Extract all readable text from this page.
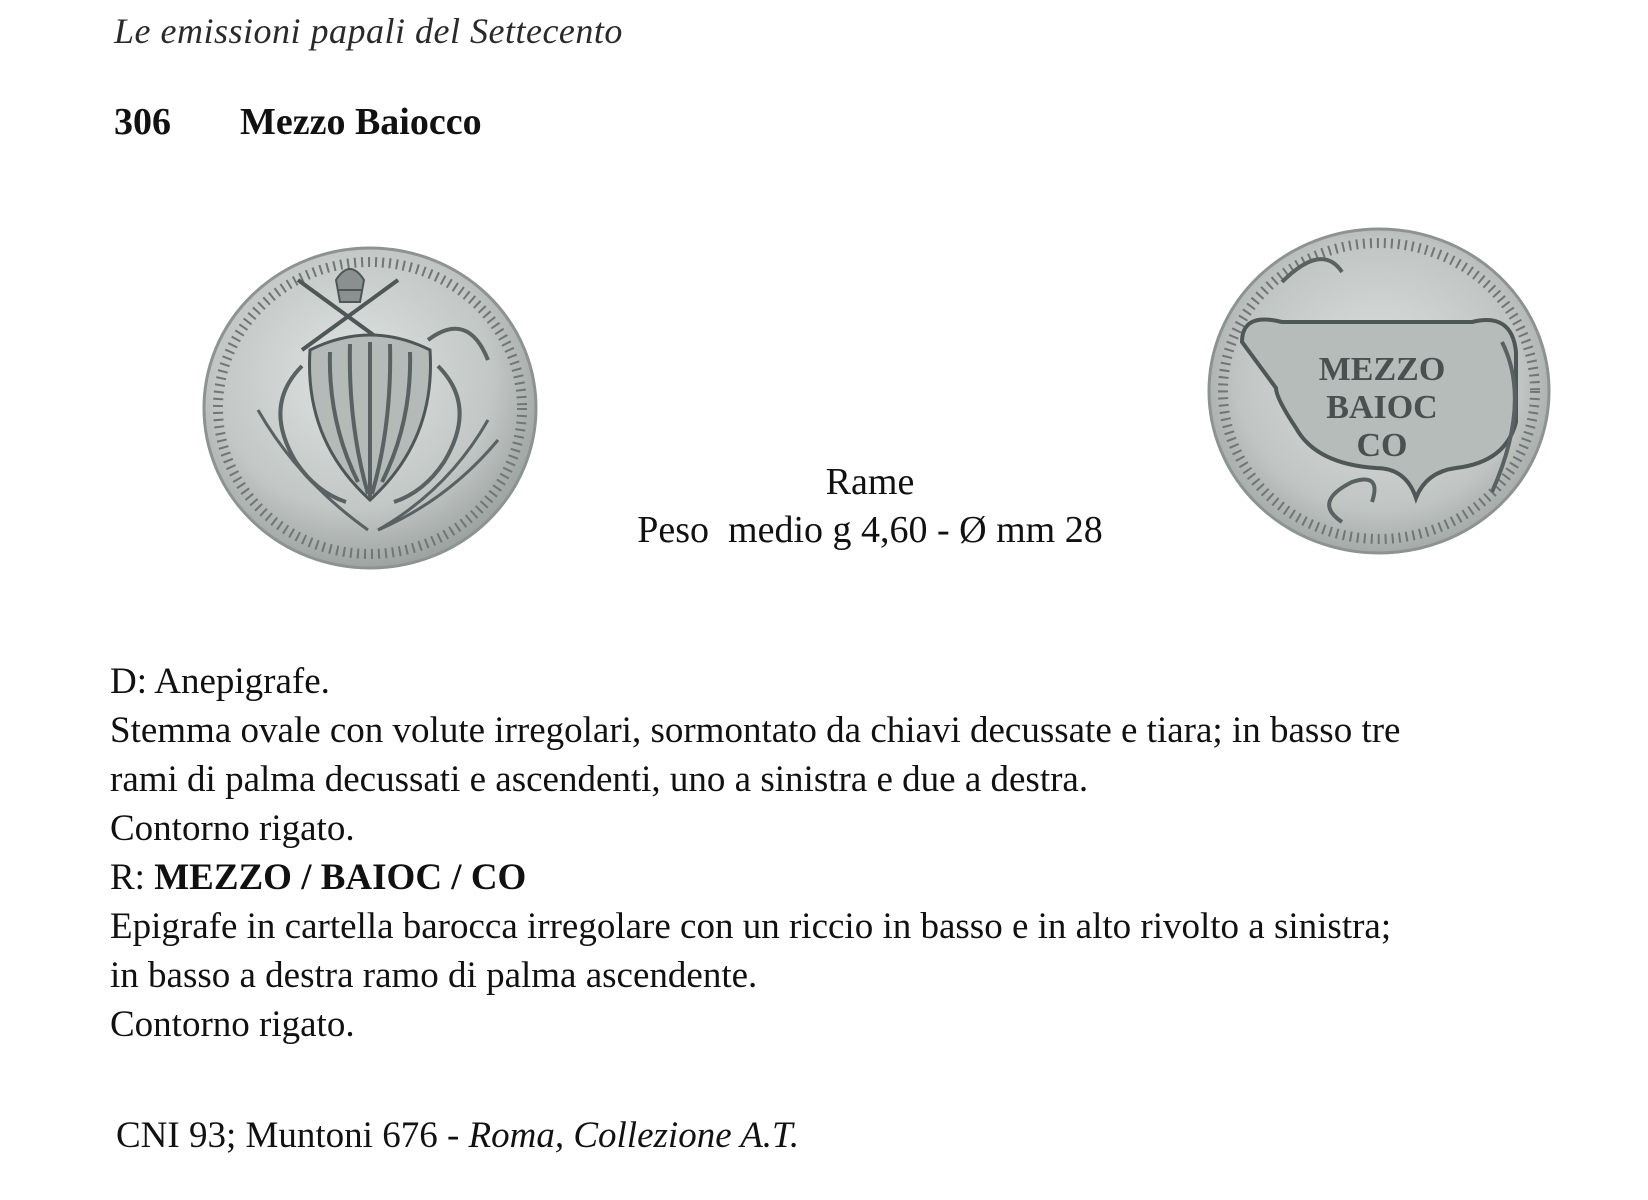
Le emissioni papali del Settecento
306 Mezzo Baiocco
MEZZO
BAIOC
CO
Rame
Peso  medio g 4,60 - Ø mm 28

D: Anepigrafe.

Stemma ovale con volute irregolari, sormontato da chiavi decussate e tiara; in basso tre

rami di palma decussati e ascendenti, uno a sinistra e due a destra.

Contorno rigato.

R: MEZZO / BAIOC / CO

Epigrafe in cartella barocca irregolare con un riccio in basso e in alto rivolto a sinistra;

in basso a destra ramo di palma ascendente.

Contorno rigato.

CNI 93; Muntoni 676 - Roma, Collezione A.T.
